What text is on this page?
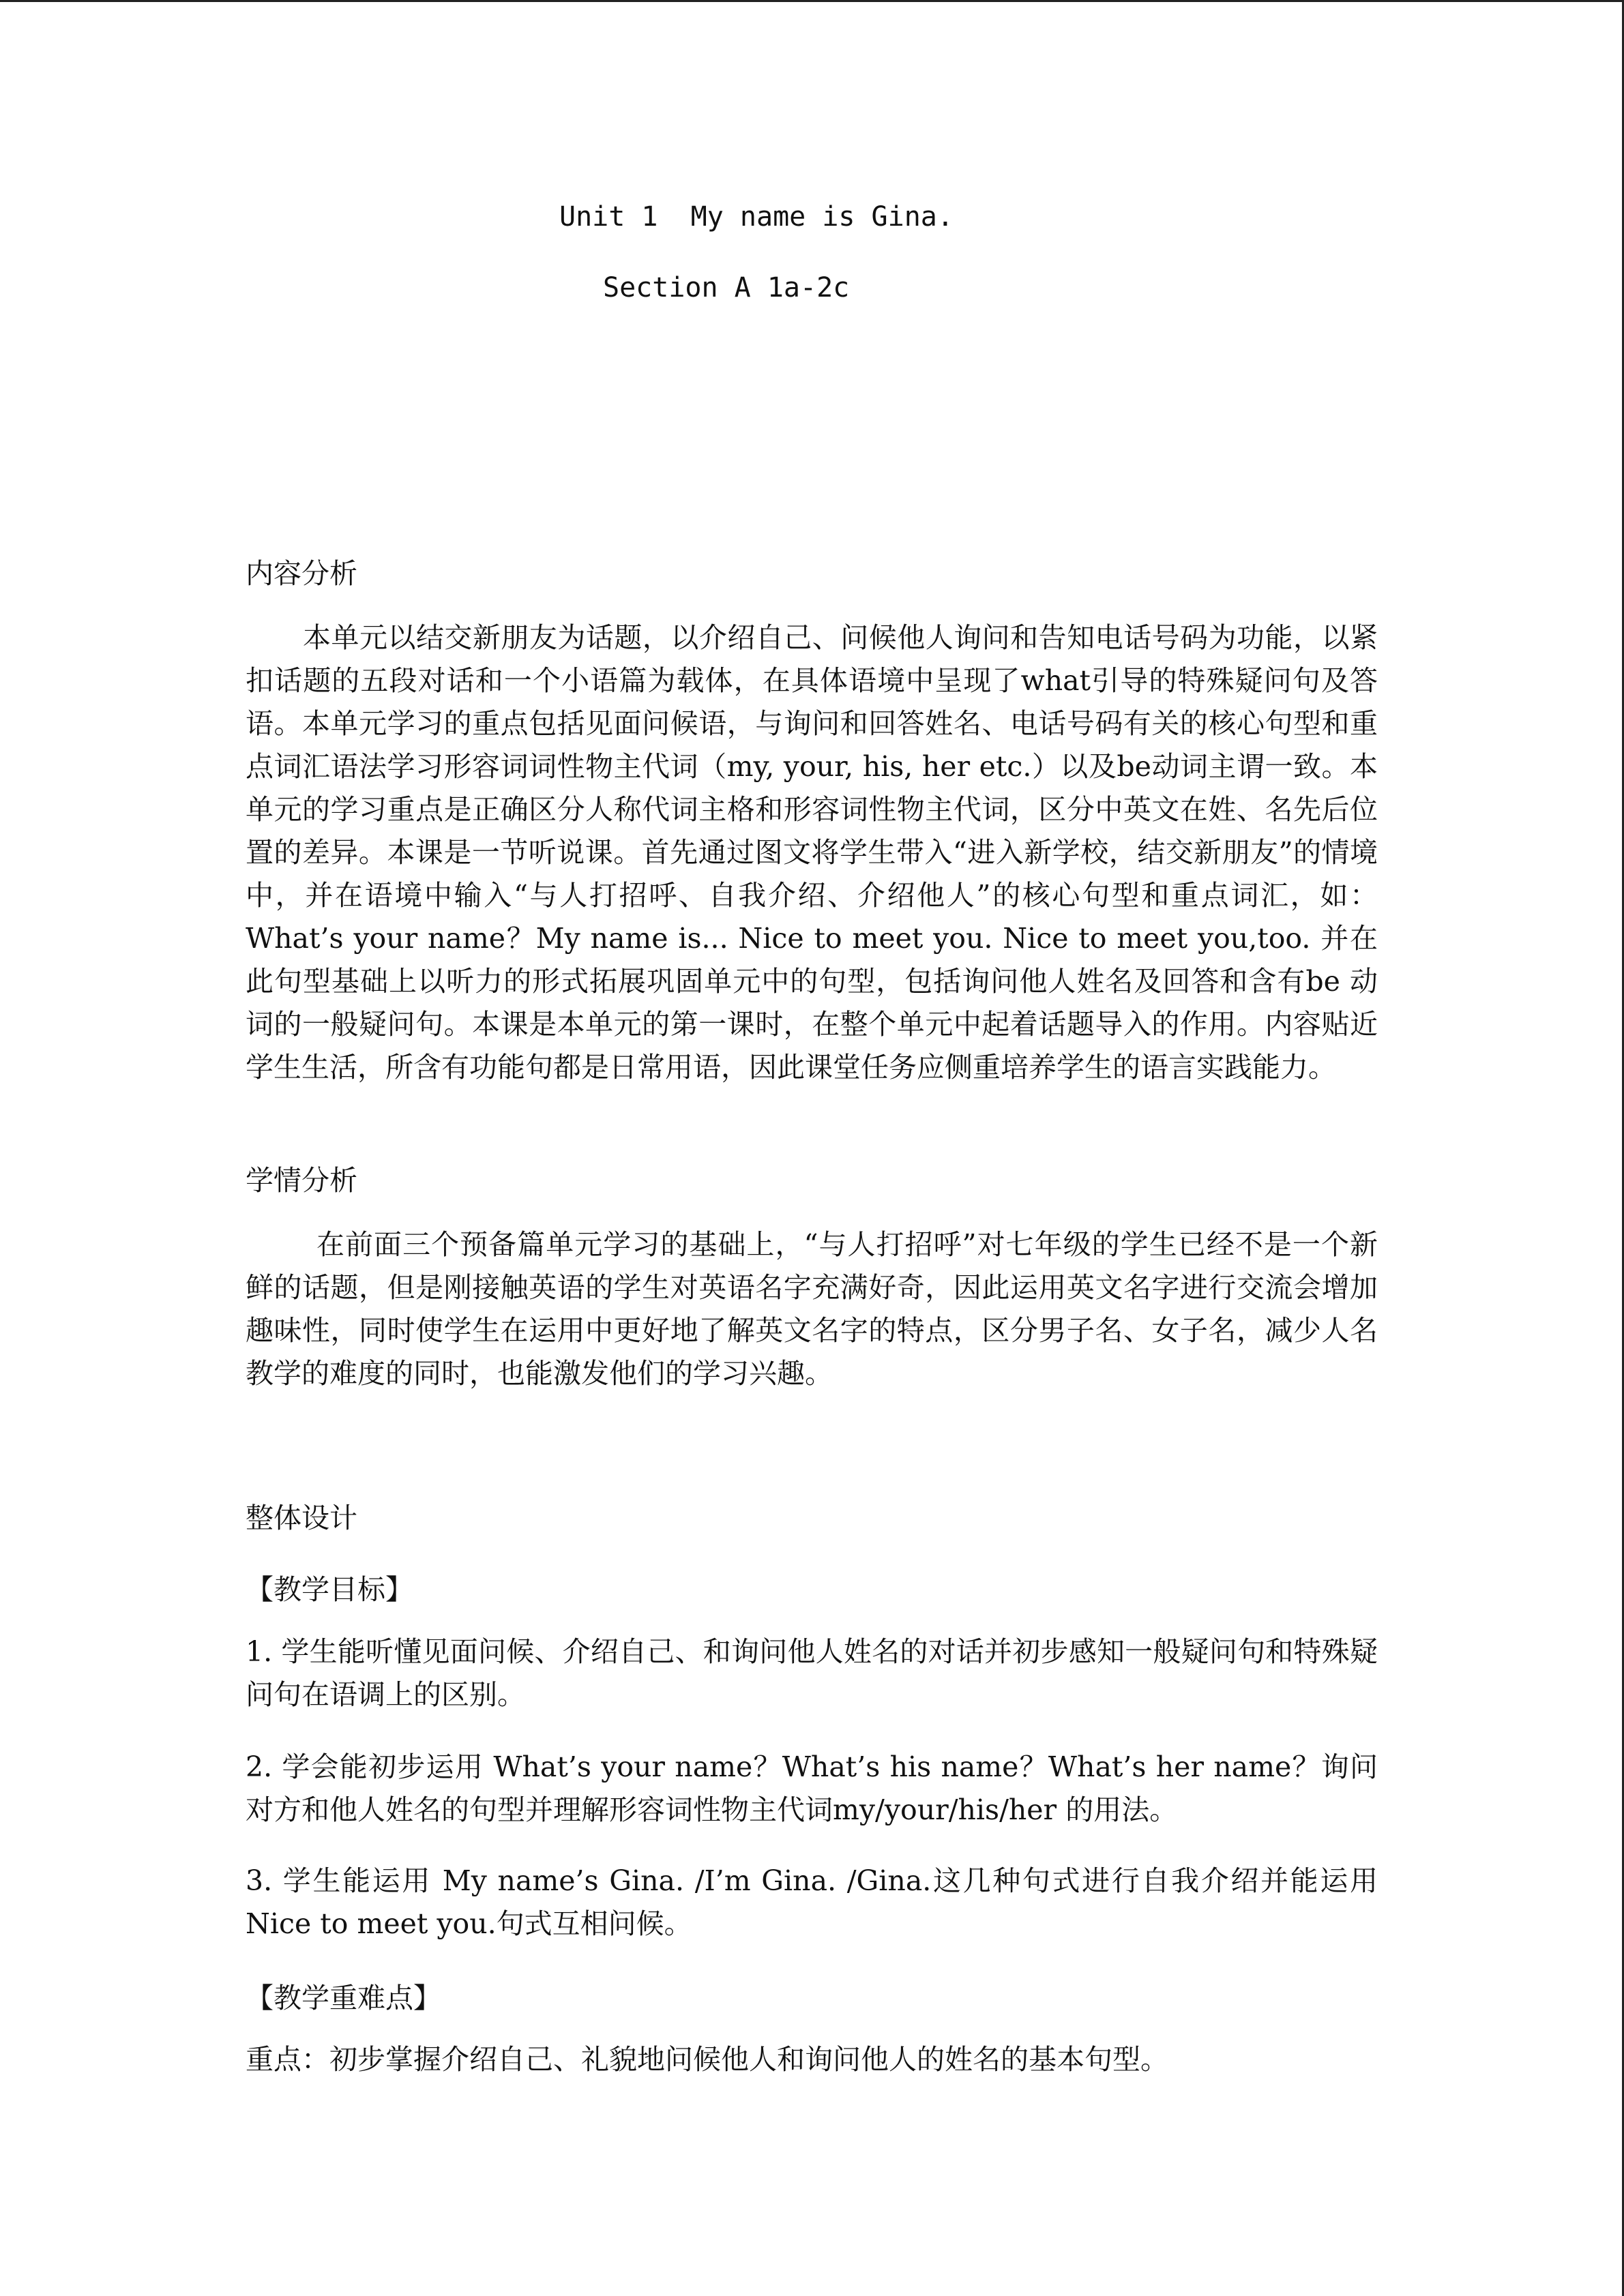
Unit 1  My name is Gina.
Section A 1a-2c
内容分析
本单元以结交新朋友为话题，以介绍自己、问候他人询问和告知电话号码为功能，以紧扣话题的五段对话和一个小语篇为载体，在具体语境中呈现了what引导的特殊疑问句及答语。本单元学习的重点包括见面问候语，与询问和回答姓名、电话号码有关的核心句型和重点词汇语法学习形容词词性物主代词（my, your, his, her etc.）以及be动词主谓一致。本单元的学习重点是正确区分人称代词主格和形容词性物主代词，区分中英文在姓、名先后位置的差异。本课是一节听说课。首先通过图文将学生带入“进入新学校，结交新朋友”的情境中，并在语境中输入“与人打招呼、自我介绍、介绍他人”的核心句型和重点词汇，如：What’s your name？My name is... Nice to meet you. Nice to meet you,too. 并在此句型基础上以听力的形式拓展巩固单元中的句型，包括询问他人姓名及回答和含有be 动词的一般疑问句。本课是本单元的第一课时，在整个单元中起着话题导入的作用。内容贴近学生生活，所含有功能句都是日常用语，因此课堂任务应侧重培养学生的语言实践能力。
学情分析
在前面三个预备篇单元学习的基础上，“与人打招呼”对七年级的学生已经不是一个新鲜的话题，但是刚接触英语的学生对英语名字充满好奇，因此运用英文名字进行交流会增加趣味性，同时使学生在运用中更好地了解英文名字的特点，区分男子名、女子名，减少人名教学的难度的同时，也能激发他们的学习兴趣。
整体设计
【教学目标】
1. 学生能听懂见面问候、介绍自己、和询问他人姓名的对话并初步感知一般疑问句和特殊疑问句在语调上的区别。
2. 学会能初步运用 What’s your name？What’s his name？What’s her name？询问对方和他人姓名的句型并理解形容词性物主代词my/your/his/her 的用法。
3. 学生能运用 My name’s Gina. /I’m Gina. /Gina.这几种句式进行自我介绍并能运用Nice to meet you.句式互相问候。
【教学重难点】
重点：初步掌握介绍自己、礼貌地问候他人和询问他人的姓名的基本句型。
